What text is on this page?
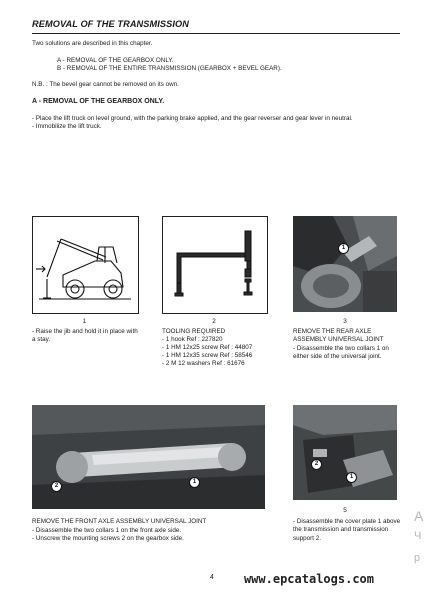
REMOVAL OF THE TRANSMISSION
Two solutions are described in this chapter.
A - REMOVAL OF THE GEARBOX ONLY.
B - REMOVAL OF THE ENTIRE TRANSMISSION (GEARBOX + BEVEL GEAR).
N.B. : The bevel gear cannot be removed on its own.
A - REMOVAL OF THE GEARBOX ONLY.
- Place the lift truck on level ground, with the parking brake applied, and the gear reverser and gear lever in neutral.
- Immobilize the lift truck.
1
- Raise the jib and hold it in place with a stay.
2
TOOLING REQUIRED
- 1 hook Ref : 227820
- 1 HM 12x25 screw Ref : 44807
- 1 HM 12x35 screw Ref : 58546
- 2 M 12 washers Ref : 61676
1
3
REMOVE THE REAR AXLE ASSEMBLY UNIVERSAL JOINT
- Disassemble the two collars 1 on either side of the universal joint.
2
1
REMOVE THE FRONT AXLE ASSEMBLY UNIVERSAL JOINT
- Disassemble the two collars 1 on the front axle side.
- Unscrew the mounting screws 2 on the gearbox side.
2
1
5
- Disassemble the cover plate 1 above the transmission and transmission support 2.
4	www.epcatalogs.com
A
Ч
р
